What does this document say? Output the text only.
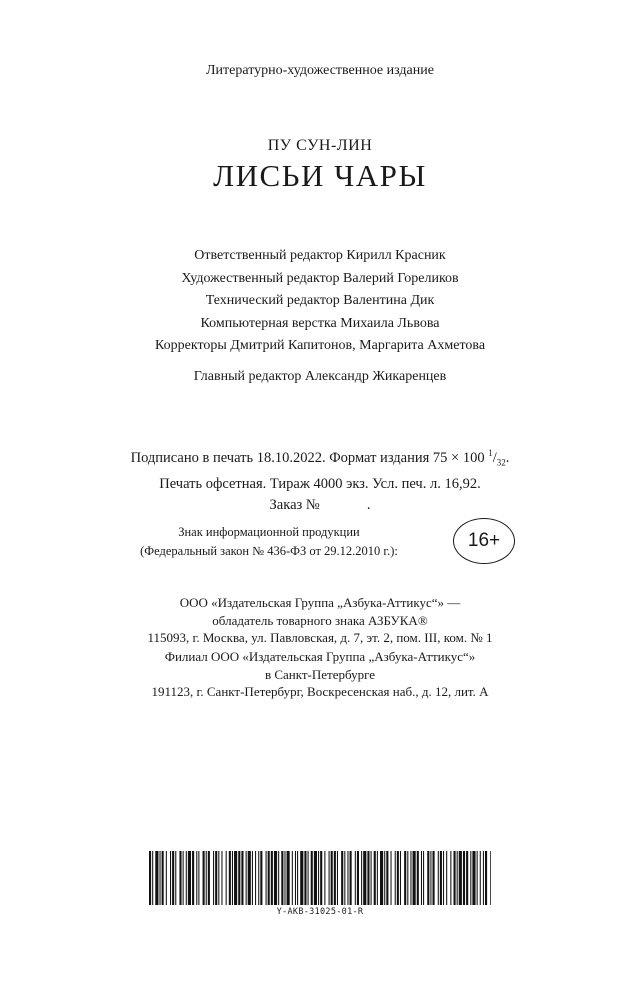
Литературно-художественное издание
ПУ СУН-ЛИН
ЛИСЬИ ЧАРЫ
Ответственный редактор Кирилл Красник
Художественный редактор Валерий Гореликов
Технический редактор Валентина Дик
Компьютерная верстка Михаила Львова
Корректоры Дмитрий Капитонов, Маргарита Ахметова
Главный редактор Александр Жикаренцев
Подписано в печать 18.10.2022. Формат издания 75 × 100 $^1/_{32}$.
Печать офсетная. Тираж 4000 экз. Усл. печ. л. 16,92.
Заказ №             .
Знак информационной продукции
(Федеральный закон № 436-ФЗ от 29.12.2010 г.):	16+
ООО «Издательская Группа „Азбука-Аттикус“» —
обладатель товарного знака АЗБУКА®
115093, г. Москва, ул. Павловская, д. 7, эт. 2, пом. III, ком. № 1
Филиал ООО «Издательская Группа „Азбука-Аттикус“»
в Санкт-Петербурге
191123, г. Санкт-Петербург, Воскресенская наб., д. 12, лит. А
Y-AKB-31025-01-R
